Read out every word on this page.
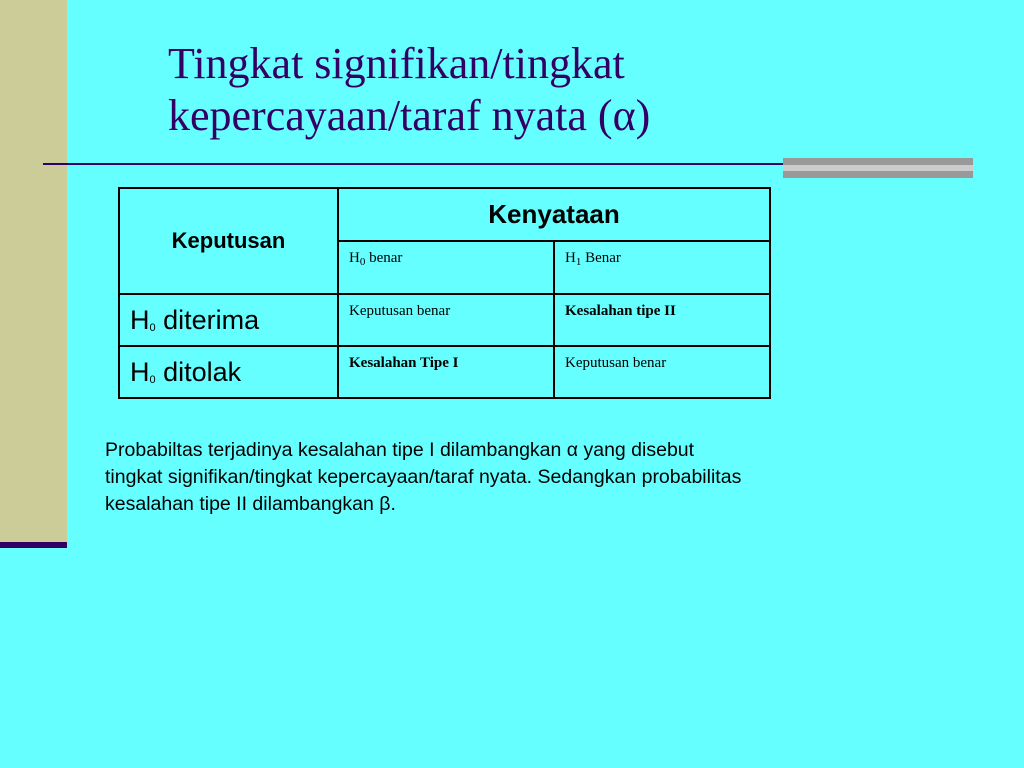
Tingkat signifikan/tingkat
kepercayaan/taraf nyata (α)
Keputusan	Kenyataan	
	$H_0$ benar	$H_1$ Benar
H0 diterima	Keputusan benar	Kesalahan tipe II
H0 ditolak	Kesalahan Tipe I	Keputusan benar

Probabiltas terjadinya kesalahan tipe I dilambangkan α yang disebut tingkat signifikan/tingkat kepercayaan/taraf nyata. Sedangkan probabilitas kesalahan tipe II dilambangkan β.
